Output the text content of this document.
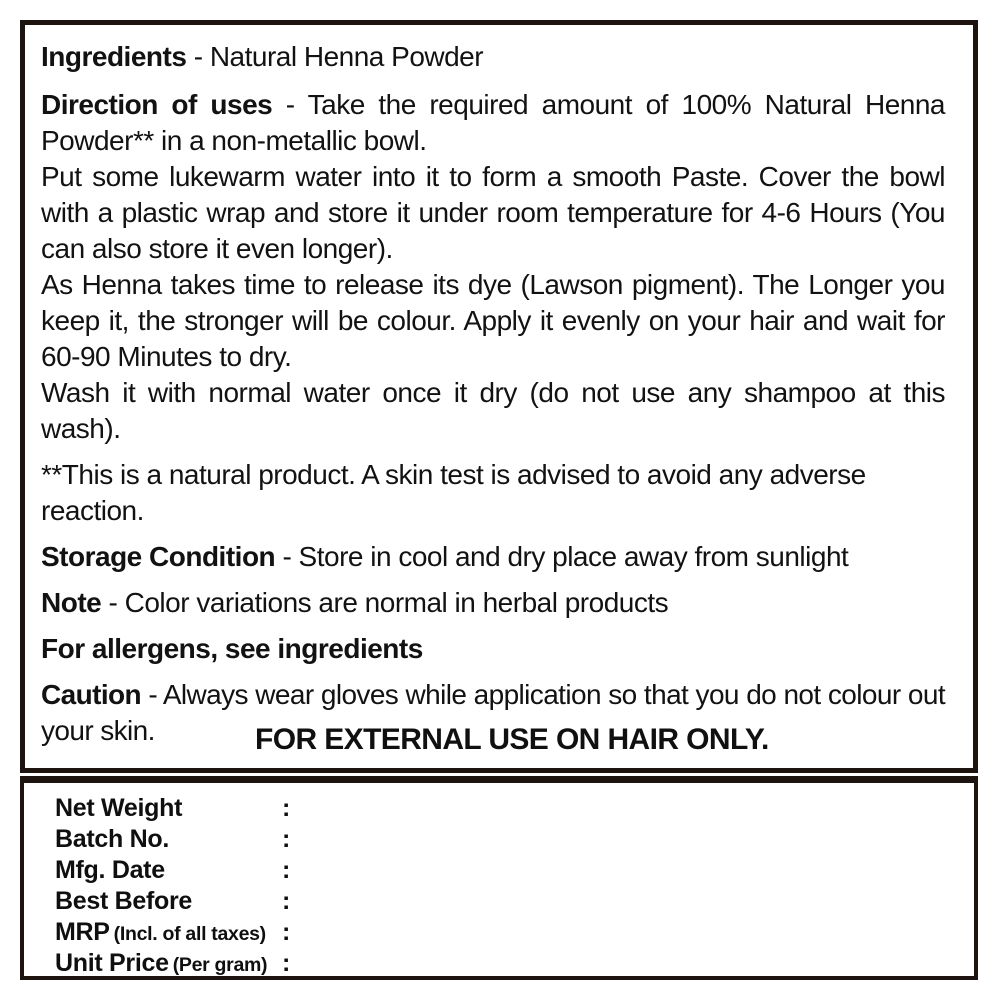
Ingredients - Natural Henna Powder

Direction of uses - Take the required amount of 100% Natural Henna Powder** in a non-metallic bowl.

Put some lukewarm water into it to form a smooth Paste. Cover the bowl with a plastic wrap and store it under room temperature for 4-6 Hours (You can also store it even longer).

As Henna takes time to release its dye (Lawson pigment). The Longer you keep it, the stronger will be colour. Apply it evenly on your hair and wait for 60-90 Minutes to dry.

Wash it with normal water once it dry (do not use any shampoo at this wash).

**This is a natural product. A skin test is advised to avoid any adverse reaction.

Storage Condition - Store in cool and dry place away from sunlight

Note - Color variations are normal in herbal products

For allergens, see ingredients

Caution - Always wear gloves while application so that you do not colour out your skin.	FOR EXTERNAL USE ON HAIR ONLY.
Net Weight	:
Batch No.	:
Mfg. Date	:
Best Before	:
MRP (Incl. of all taxes) :
Unit Price (Per gram) :
